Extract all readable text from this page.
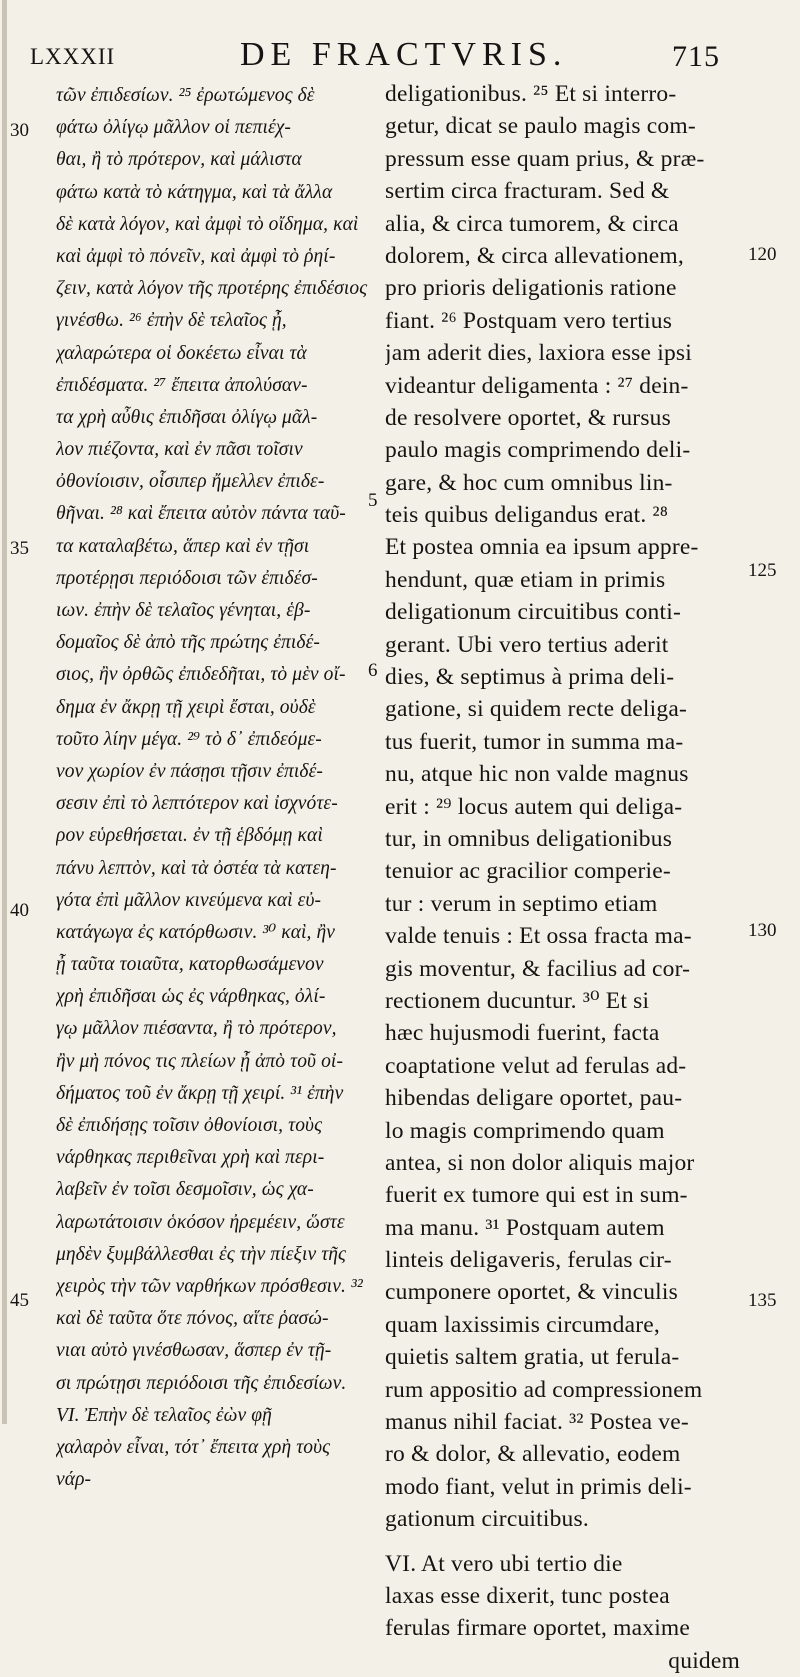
LXXXII	DE FRACTVRIS.	715
τῶν ἐπιδεσίων. ²⁵ ἐρωτώμενος δὲ
φάτω ὀλίγῳ μᾶλλον οἱ πεπιέχ-
θαι, ἢ τὸ πρότερον, καὶ μάλιστα
φάτω κατὰ τὸ κάτηγμα, καὶ τὰ ἄλλα
δὲ κατὰ λόγον, καὶ ἀμφὶ τὸ οἴδημα, καὶ
καὶ ἀμφὶ τὸ πόνεῖν, καὶ ἀμφὶ τὸ ῥηί-
ζειν, κατὰ λόγον τῆς προτέρης ἐπιδέσιος
γινέσθω. ²⁶ ἐπὴν δὲ τελαῖος ᾖ,
χαλαρώτερα οἱ δοκέετω εἶναι τὰ
ἐπιδέσματα. ²⁷ ἔπειτα ἀπολύσαν-
τα χρὴ αὖθις ἐπιδῆσαι ὀλίγῳ μᾶλ-
λον πιέζοντα, καὶ ἐν πᾶσι τοῖσιν
ὀθονίοισιν, οἷσιπερ ἤμελλεν ἐπιδε-
θῆναι. ²⁸ καὶ ἔπειτα αὐτὸν πάντα ταῦ-
τα καταλαβέτω, ἅπερ καὶ ἐν τῇσι
προτέρῃσι περιόδοισι τῶν ἐπιδέσ-
ιων. ἐπὴν δὲ τελαῖος γένηται, ἑβ-
δομαῖος δὲ ἀπὸ τῆς πρώτης ἐπιδέ-
σιος, ἢν ὀρθῶς ἐπιδεδῆται, τὸ μὲν οἴ-
δημα ἐν ἄκρῃ τῇ χειρὶ ἔσται, οὐδὲ
τοῦτο λίην μέγα. ²⁹ τὸ δ᾽ ἐπιδεόμε-
νον χωρίον ἐν πάσῃσι τῇσιν ἐπιδέ-
σεσιν ἐπὶ τὸ λεπτότερον καὶ ἰσχνότε-
ρον εὑρεθήσεται. ἐν τῇ ἑβδόμῃ καὶ
πάνυ λεπτὸν, καὶ τὰ ὀστέα τὰ κατεη-
γότα ἐπὶ μᾶλλον κινεύμενα καὶ εὐ-
κατάγωγα ἐς κατόρθωσιν. ³⁰ καὶ, ἢν
ᾖ ταῦτα τοιαῦτα, κατορθωσάμενον
χρὴ ἐπιδῆσαι ὡς ἐς νάρθηκας, ὀλί-
γῳ μᾶλλον πιέσαντα, ἢ τὸ πρότερον,
ἢν μὴ πόνος τις πλείων ᾖ ἀπὸ τοῦ οἰ-
δήματος τοῦ ἐν ἄκρῃ τῇ χειρί. ³¹ ἐπὴν
δὲ ἐπιδήσῃς τοῖσιν ὀθονίοισι, τοὺς
νάρθηκας περιθεῖναι χρὴ καὶ περι-
λαβεῖν ἐν τοῖσι δεσμοῖσιν, ὡς χα-
λαρωτάτοισιν ὁκόσον ἠρεμέειν, ὥστε
μηδὲν ξυμβάλλεσθαι ἐς τὴν πίεξιν τῆς
χειρὸς τὴν τῶν ναρθήκων πρόσθεσιν. ³²
καὶ δὲ ταῦτα ὅτε πόνος, αἵτε ῥασώ-
νιαι αὐτὸ γινέσθωσαν, ἅσπερ ἐν τῇ-
σι πρώτῃσι περιόδοισι τῆς ἐπιδεσίων.
VI. Ἐπὴν δὲ τελαῖος ἐὼν φῇ
χαλαρὸν εἶναι, τότ᾽ ἔπειτα χρὴ τοὺς
νάρ-
deligationibus. ²⁵ Et si interro-
getur, dicat se paulo magis com-
pressum esse quam prius, & præ-
sertim circa fracturam. Sed &
alia, & circa tumorem, & circa
dolorem, & circa allevationem,
pro prioris deligationis ratione
fiant. ²⁶ Postquam vero tertius
jam aderit dies, laxiora esse ipsi
videantur deligamenta : ²⁷ dein-
de resolvere oportet, & rursus
paulo magis comprimendo deli-
gare, & hoc cum omnibus lin-
teis quibus deligandus erat. ²⁸
Et postea omnia ea ipsum appre-
hendunt, quæ etiam in primis
deligationum circuitibus conti-
gerant. Ubi vero tertius aderit
dies, & septimus à prima deli-
gatione, si quidem recte deliga-
tus fuerit, tumor in summa ma-
nu, atque hic non valde magnus
erit : ²⁹ locus autem qui deliga-
tur, in omnibus deligationibus
tenuior ac gracilior comperie-
tur : verum in septimo etiam
valde tenuis : Et ossa fracta ma-
gis moventur, & facilius ad cor-
rectionem ducuntur. ³⁰ Et si
hæc hujusmodi fuerint, facta
coaptatione velut ad ferulas ad-
hibendas deligare oportet, pau-
lo magis comprimendo quam
antea, si non dolor aliquis major
fuerit ex tumore qui est in sum-
ma manu. ³¹ Postquam autem
linteis deligaveris, ferulas cir-
cumponere oportet, & vinculis
quam laxissimis circumdare,
quietis saltem gratia, ut ferula-
rum appositio ad compressionem
manus nihil faciat. ³² Postea ve-
ro & dolor, & allevatio, eodem
modo fiant, velut in primis deli-
gationum circuitibus.
VI. At vero ubi tertio die
laxas esse dixerit, tunc postea
ferulas firmare oportet, maxime
quidem
30
35
40
45
5
6
120
125
130
135
